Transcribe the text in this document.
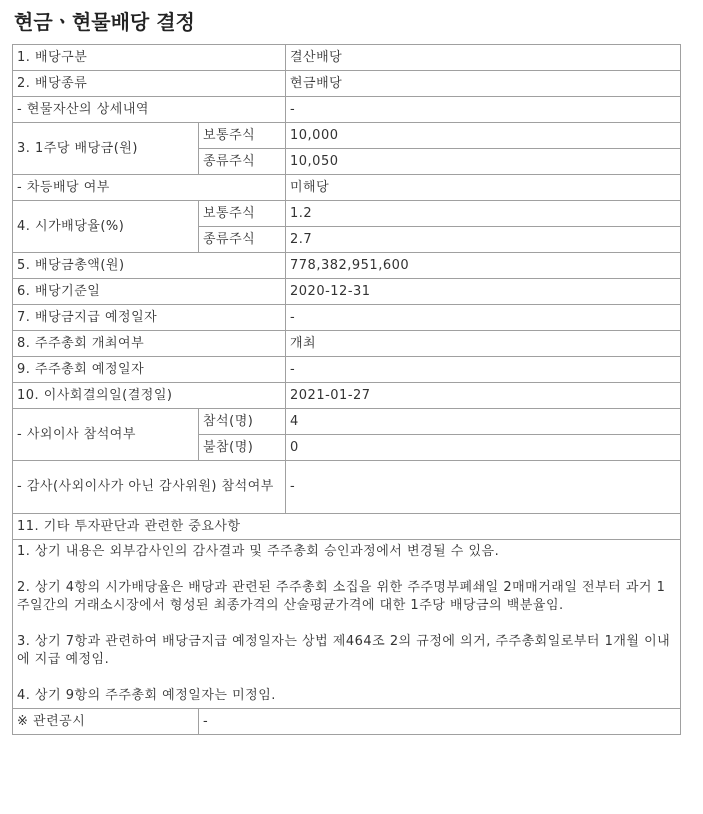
현금ㆍ현물배당 결정
1. 배당구분		결산배당
2. 배당종류		현금배당
- 현물자산의 상세내역		-
3. 1주당 배당금(원)	보통주식	10,000
	종류주식	10,050
- 차등배당 여부		미해당
4. 시가배당율(%)	보통주식	1.2
	종류주식	2.7
5. 배당금총액(원)		778,382,951,600
6. 배당기준일		2020-12-31
7. 배당금지급 예정일자		-
8. 주주총회 개최여부		개최
9. 주주총회 예정일자		-
10. 이사회결의일(결정일)		2021-01-27
- 사외이사 참석여부	참석(명)	4
	불참(명)	0
- 감사(사외이사가 아닌 감사위원) 참석여부		-
11. 기타 투자판단과 관련한 중요사항		

1. 상기 내용은 외부감사인의 감사결과 및 주주총회 승인과정에서 변경될 수 있음.

2. 상기 4항의 시가배당율은 배당과 관련된 주주총회 소집을 위한 주주명부폐쇄일 2매매거래일 전부터 과거 1주일간의 거래소시장에서 형성된 최종가격의 산술평균가격에 대한 1주당 배당금의 백분율임.

3. 상기 7항과 관련하여 배당금지급 예정일자는 상법 제464조 2의 규정에 의거, 주주총회일로부터 1개월 이내에 지급 예정임.

4. 상기 9항의 주주총회 예정일자는 미정임.		

※ 관련공시	-	
